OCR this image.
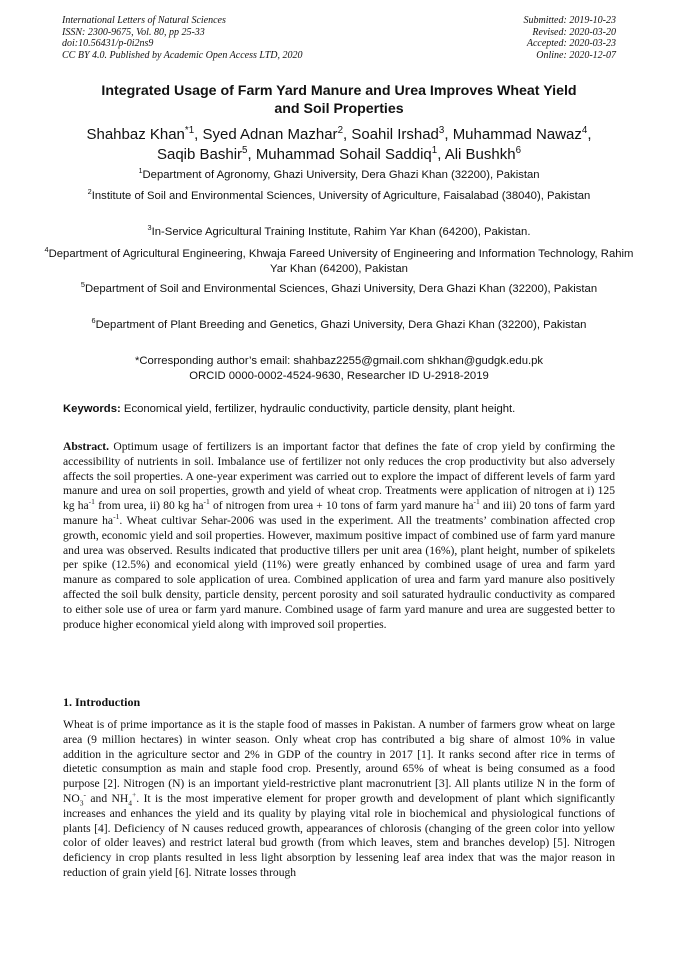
International Letters of Natural Sciences
ISSN: 2300-9675, Vol. 80, pp 25-33
doi:10.56431/p-0i2ns9
CC BY 4.0. Published by Academic Open Access LTD, 2020
Submitted: 2019-10-23
Revised: 2020-03-20
Accepted: 2020-03-23
Online: 2020-12-07
Integrated Usage of Farm Yard Manure and Urea Improves Wheat Yield
and Soil Properties
Shahbaz Khan$^{*1}$, Syed Adnan Mazhar$^2$, Soahil Irshad$^3$, Muhammad Nawaz$^4$,
Saqib Bashir$^5$, Muhammad Sohail Saddiq$^1$, Ali Bushkh$^6$
$^1$Department of Agronomy, Ghazi University, Dera Ghazi Khan (32200), Pakistan
$^2$Institute of Soil and Environmental Sciences, University of Agriculture, Faisalabad (38040), Pakistan
$^3$In-Service Agricultural Training Institute, Rahim Yar Khan (64200), Pakistan.
$^4$Department of Agricultural Engineering, Khwaja Fareed University of Engineering and Information Technology, Rahim Yar Khan (64200), Pakistan
$^5$Department of Soil and Environmental Sciences, Ghazi University, Dera Ghazi Khan (32200), Pakistan
$^6$Department of Plant Breeding and Genetics, Ghazi University, Dera Ghazi Khan (32200), Pakistan
*Corresponding author’s email: shahbaz2255@gmail.com shkhan@gudgk.edu.pk
ORCID 0000-0002-4524-9630, Researcher ID U-2918-2019
Keywords: Economical yield, fertilizer, hydraulic conductivity, particle density, plant height.
Abstract. Optimum usage of fertilizers is an important factor that defines the fate of crop yield by confirming the accessibility of nutrients in soil. Imbalance use of fertilizer not only reduces the crop productivity but also adversely affects the soil properties. A one-year experiment was carried out to explore the impact of different levels of farm yard manure and urea on soil properties, growth and yield of wheat crop. Treatments were application of nitrogen at i) 125 kg $ha^{-1}$ from urea, ii) 80 kg $ha^{-1}$ of nitrogen from urea + 10 tons of farm yard manure $ha^{-1}$ and iii) 20 tons of farm yard manure $ha^{-1}$. Wheat cultivar Sehar-2006 was used in the experiment. All the treatments’ combination affected crop growth, economic yield and soil properties. However, maximum positive impact of combined use of farm yard manure and urea was observed. Results indicated that productive tillers per unit area (16%), plant height, number of spikelets per spike (12.5%) and economical yield (11%) were greatly enhanced by combined usage of urea and farm yard manure as compared to sole application of urea. Combined application of urea and farm yard manure also positively affected the soil bulk density, particle density, percent porosity and soil saturated hydraulic conductivity as compared to either sole use of urea or farm yard manure. Combined usage of farm yard manure and urea are suggested better to produce higher economical yield along with improved soil properties.
1. Introduction
Wheat is of prime importance as it is the staple food of masses in Pakistan. A number of farmers grow wheat on large area (9 million hectares) in winter season. Only wheat crop has contributed a big share of almost 10% in value addition in the agriculture sector and 2% in GDP of the country in 2017 [1]. It ranks second after rice in terms of dietetic consumption as main and staple food crop. Presently, around 65% of wheat is being consumed as a food purpose [2]. Nitrogen (N) is an important yield-restrictive plant macronutrient [3]. All plants utilize N in the form of $NO_3^-$ and $NH_4^+$. It is the most imperative element for proper growth and development of plant which significantly increases and enhances the yield and its quality by playing vital role in biochemical and physiological functions of plants [4]. Deficiency of N causes reduced growth, appearances of chlorosis (changing of the green color into yellow color of older leaves) and restrict lateral bud growth (from which leaves, stem and branches develop) [5]. Nitrogen deficiency in crop plants resulted in less light absorption by lessening leaf area index that was the major reason in reduction of grain yield [6]. Nitrate losses through
